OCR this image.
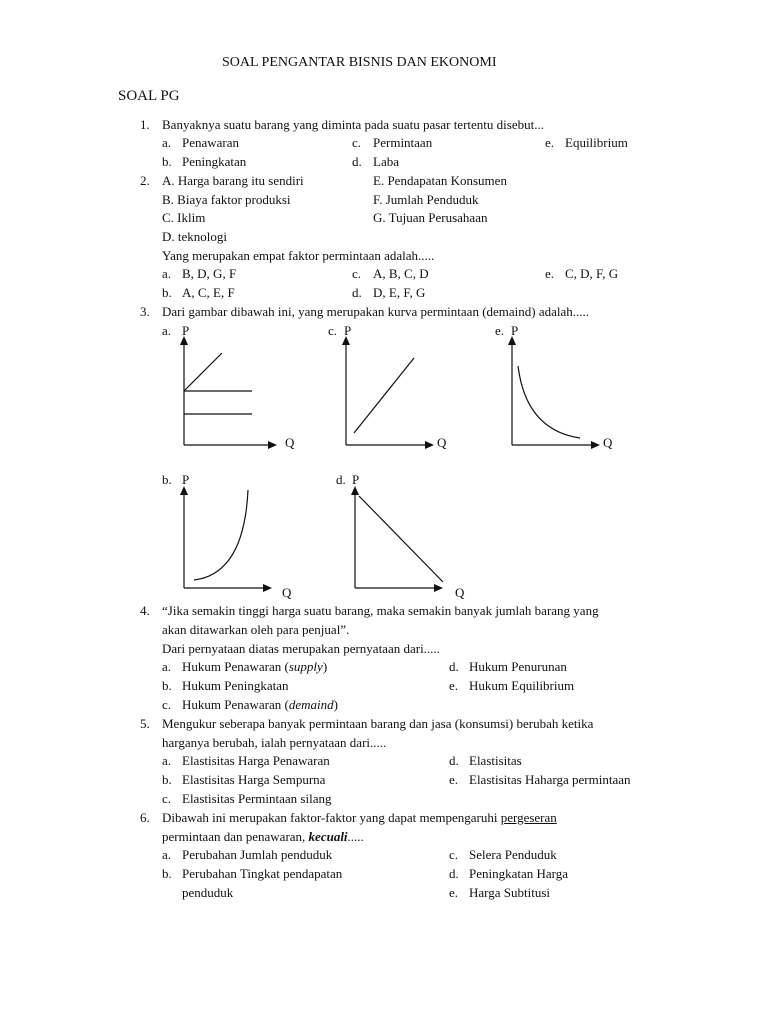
SOAL PENGANTAR BISNIS DAN EKONOMI
SOAL PG
1. Banyaknya suatu barang yang diminta pada suatu pasar tertentu disebut...
a. Penawaran	c. Permintaan	e. Equilibrium
b. Peningkatan	d. Laba
2. A. Harga barang itu sendiri	E. Pendapatan Konsumen
B. Biaya faktor produksi	F. Jumlah Penduduk
C. Iklim	G. Tujuan Perusahaan
D. teknologi
Yang merupakan empat faktor permintaan adalah.....
a. B, D, G, F	c. A, B, C, D	e. C, D, F, G
b. A, C, E, F	d. D, E, F, G
3. Dari gambar dibawah ini, yang merupakan kurva permintaan (demaind) adalah.....
a. P
Q
c. P
Q
e. P
Q
b. P
Q
d. P
Q
4. “Jika semakin tinggi harga suatu barang, maka semakin banyak jumlah barang yang
akan ditawarkan oleh para penjual”.
Dari pernyataan diatas merupakan pernyataan dari.....
a. Hukum Penawaran (supply)	d. Hukum Penurunan
b. Hukum Peningkatan	e. Hukum Equilibrium
c. Hukum Penawaran (demaind)
5. Mengukur seberapa banyak permintaan barang dan jasa (konsumsi) berubah ketika
harganya berubah, ialah pernyataan dari.....
a. Elastisitas Harga Penawaran	d. Elastisitas
b. Elastisitas Harga Sempurna	e. Elastisitas Haharga permintaan
c. Elastisitas Permintaan silang
6. Dibawah ini merupakan faktor-faktor yang dapat mempengaruhi pergeseran
permintaan dan penawaran, kecuali.....
a. Perubahan Jumlah penduduk	c. Selera Penduduk
b. Perubahan Tingkat pendapatan	d. Peningkatan Harga
penduduk	e. Harga Subtitusi
